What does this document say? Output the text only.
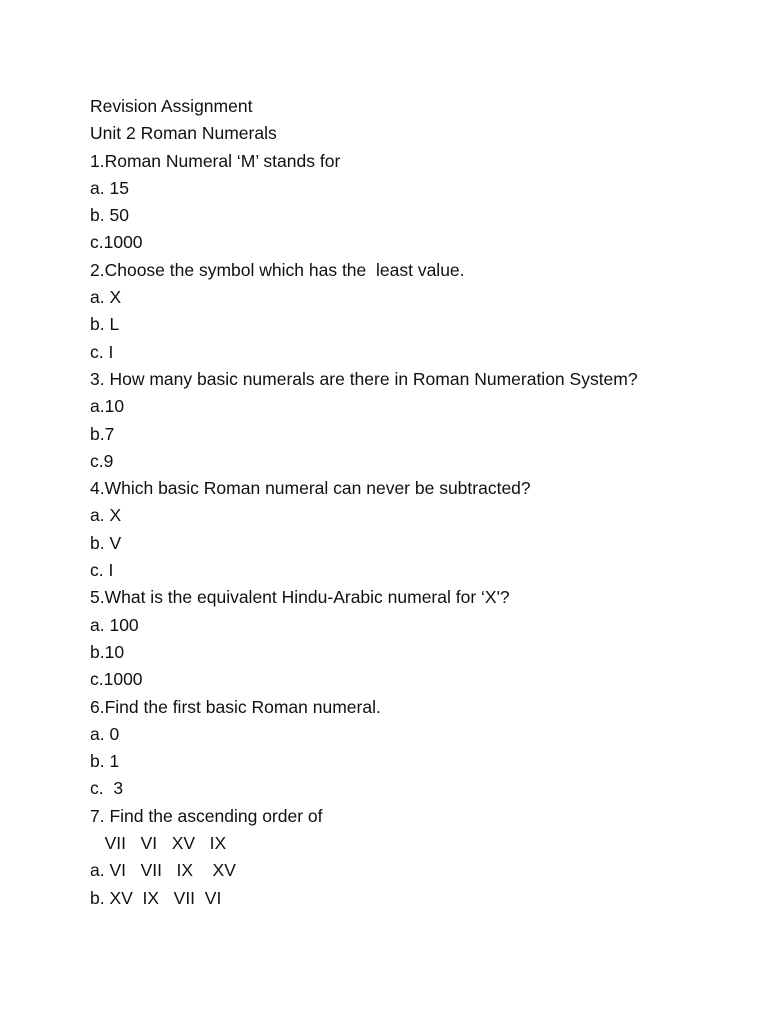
Revision Assignment

Unit 2 Roman Numerals

1.Roman Numeral ‘M’ stands for

a. 15

b. 50

c.1000

2.Choose the symbol which has the  least value.

a. X

b. L

c. I

3. How many basic numerals are there in Roman Numeration System?

a.10

b.7

c.9

4.Which basic Roman numeral can never be subtracted?

a. X

b. V

c. I

5.What is the equivalent Hindu-Arabic numeral for ‘X'?

a. 100

b.10

c.1000

6.Find the first basic Roman numeral.

a. 0

b. 1

c.  3

7. Find the ascending order of

VII   VI   XV   IX

a. VI   VII   IX    XV

b. XV  IX   VII  VI
